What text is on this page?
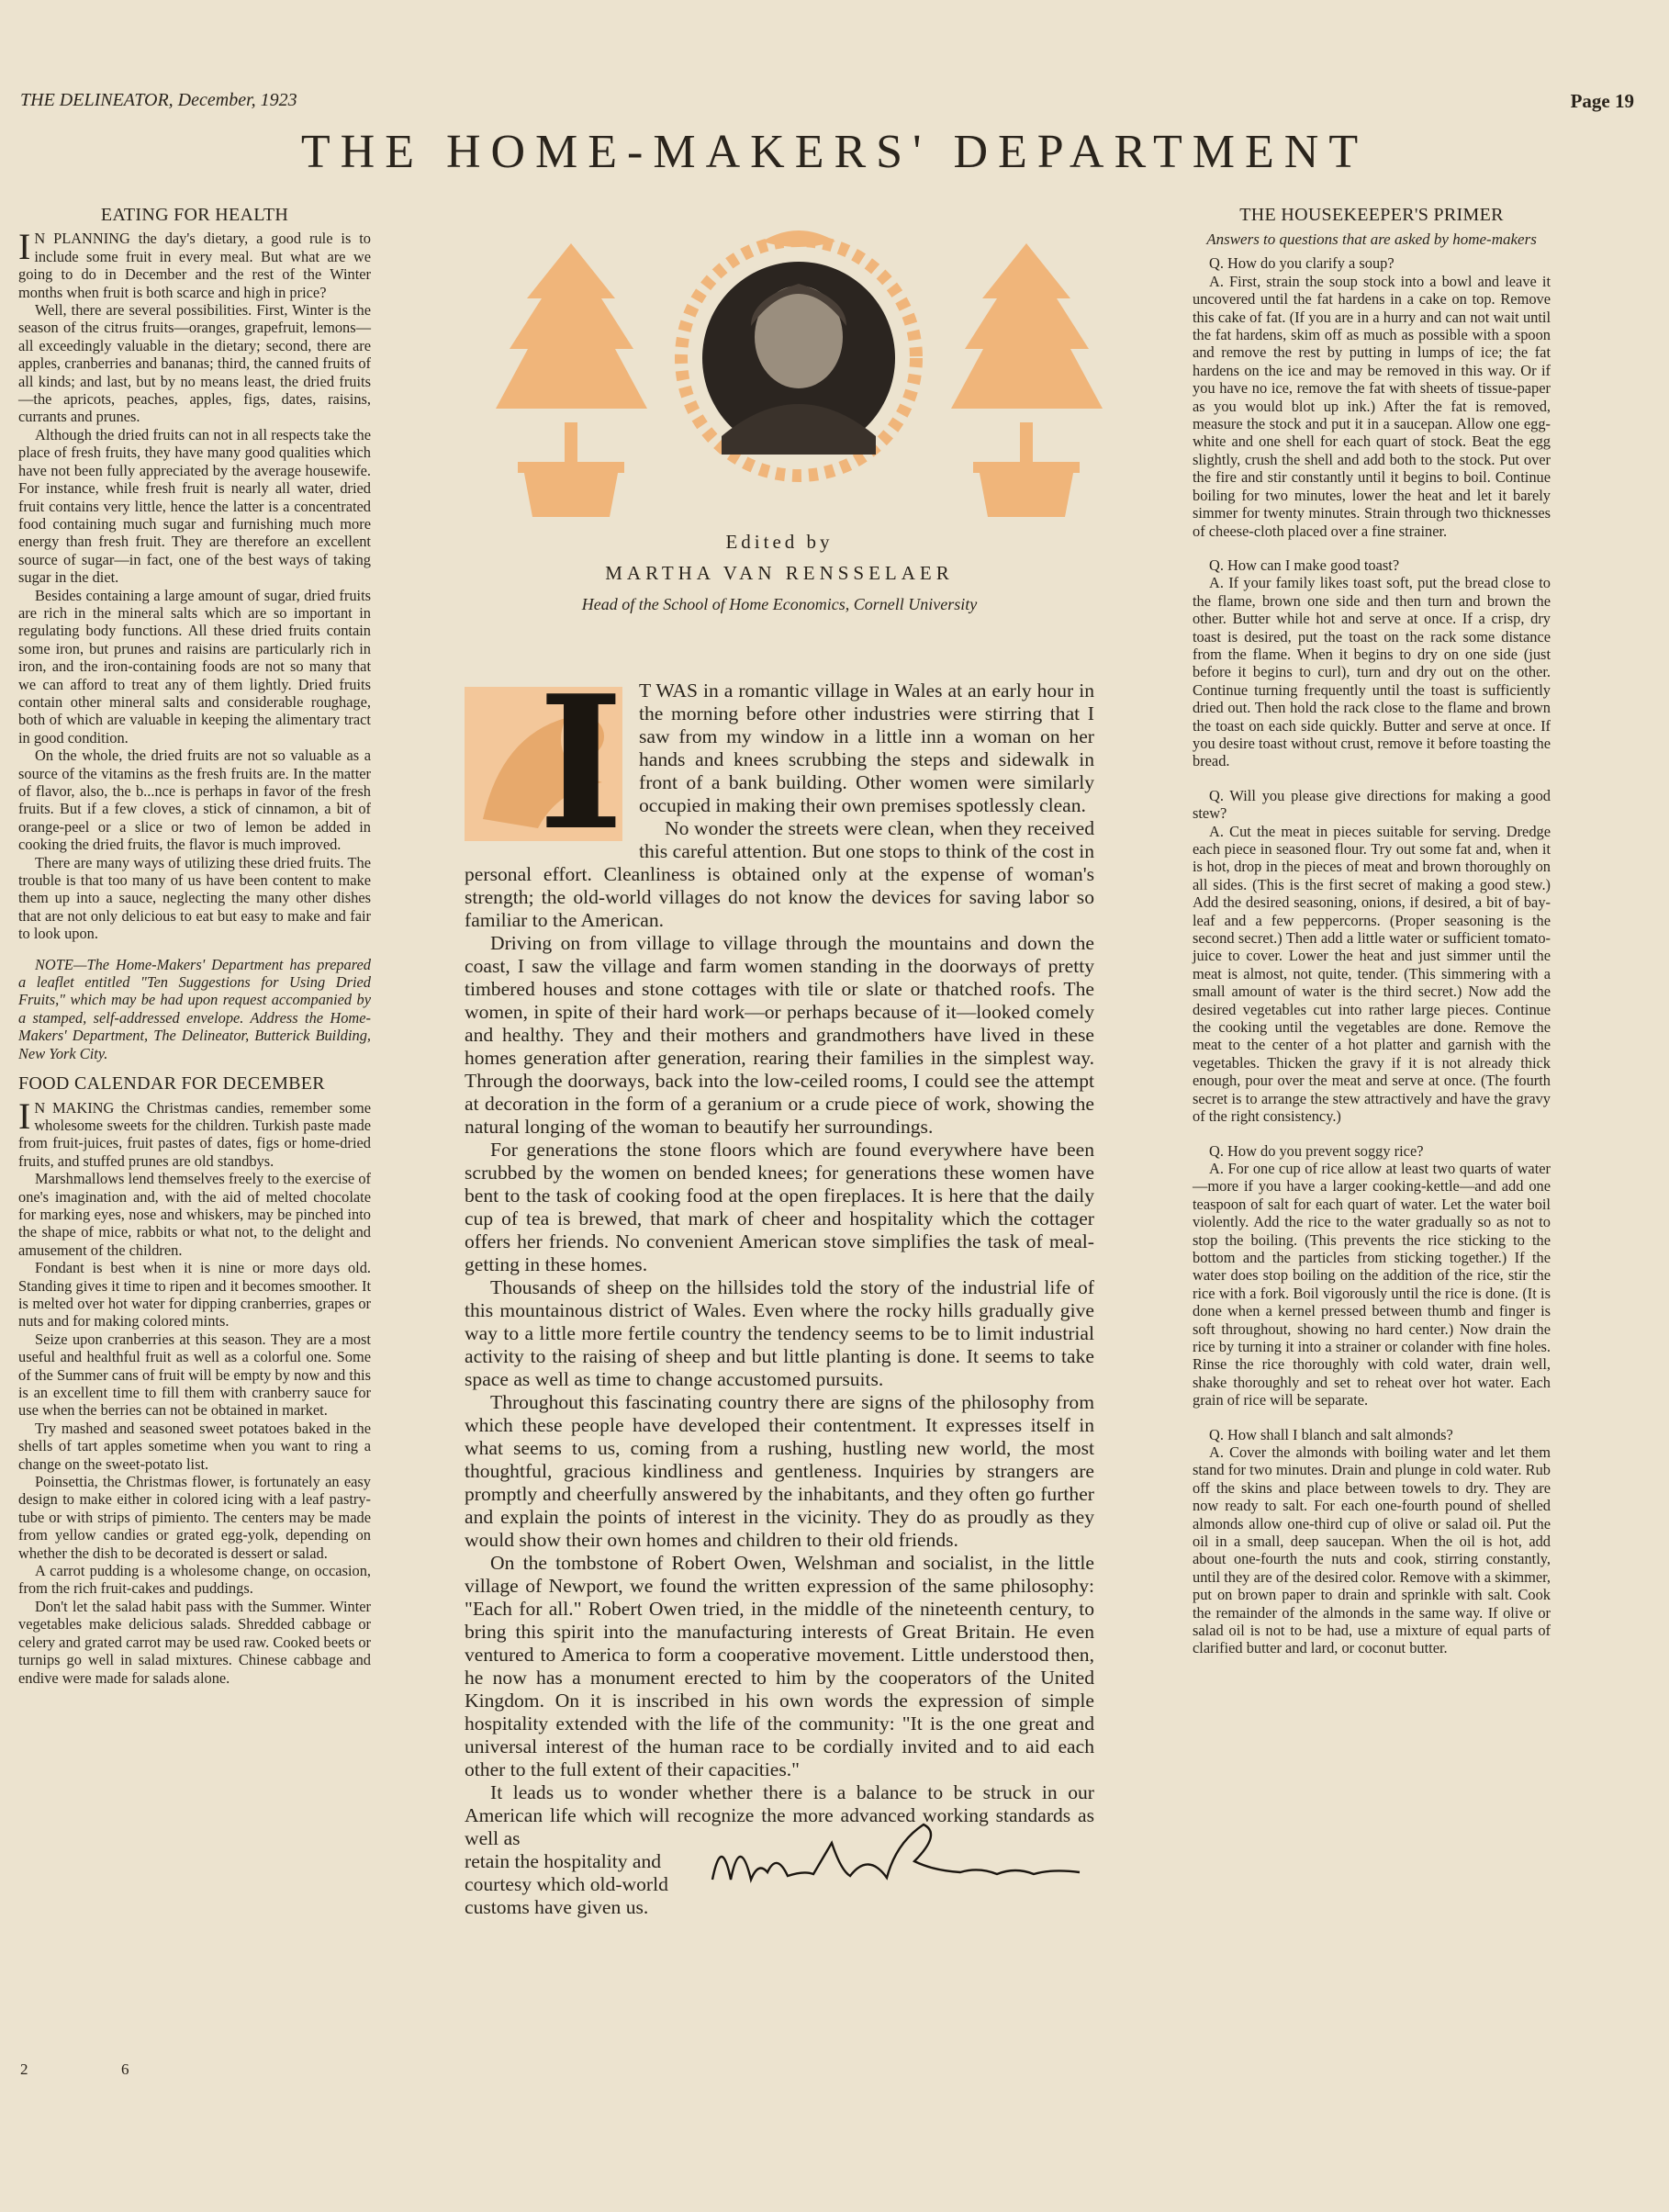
THE DELINEATOR, December, 1923	Page 19
THE HOME-MAKERS' DEPARTMENT
EATING FOR HEALTH

I N PLANNING the day's dietary, a good rule is to include some fruit in every meal. But what are we going to do in December and the rest of the Winter months when fruit is both scarce and high in price?

Well, there are several possibilities. First, Winter is the season of the citrus fruits—oranges, grapefruit, lemons—all exceedingly valuable in the dietary; second, there are apples, cranberries and bananas; third, the canned fruits of all kinds; and last, but by no means least, the dried fruits—the apricots, peaches, apples, figs, dates, raisins, currants and prunes.

Although the dried fruits can not in all respects take the place of fresh fruits, they have many good qualities which have not been fully appreciated by the average housewife. For instance, while fresh fruit is nearly all water, dried fruit contains very little, hence the latter is a concentrated food containing much sugar and furnishing much more energy than fresh fruit. They are therefore an excellent source of sugar—in fact, one of the best ways of taking sugar in the diet.

Besides containing a large amount of sugar, dried fruits are rich in the mineral salts which are so important in regulating body functions. All these dried fruits contain some iron, but prunes and raisins are particularly rich in iron, and the iron-containing foods are not so many that we can afford to treat any of them lightly. Dried fruits contain other mineral salts and considerable roughage, both of which are valuable in keeping the alimentary tract in good condition.

On the whole, the dried fruits are not so valuable as a source of the vitamins as the fresh fruits are. In the matter of flavor, also, the b...nce is perhaps in favor of the fresh fruits. But if a few cloves, a stick of cinnamon, a bit of orange-peel or a slice or two of lemon be added in cooking the dried fruits, the flavor is much improved.

There are many ways of utilizing these dried fruits. The trouble is that too many of us have been content to make them up into a sauce, neglecting the many other dishes that are not only delicious to eat but easy to make and fair to look upon.

NOTE—The Home-Makers' Department has prepared a leaflet entitled "Ten Suggestions for Using Dried Fruits," which may be had upon request accompanied by a stamped, self-addressed envelope. Address the Home-Makers' Department, The Delineator, Butterick Building, New York City.

FOOD CALENDAR FOR DECEMBER

I N MAKING the Christmas candies, remember some wholesome sweets for the children. Turkish paste made from fruit-juices, fruit pastes of dates, figs or home-dried fruits, and stuffed prunes are old standbys.

Marshmallows lend themselves freely to the exercise of one's imagination and, with the aid of melted chocolate for marking eyes, nose and whiskers, may be pinched into the shape of mice, rabbits or what not, to the delight and amusement of the children.

Fondant is best when it is nine or more days old. Standing gives it time to ripen and it becomes smoother. It is melted over hot water for dipping cranberries, grapes or nuts and for making colored mints.

Seize upon cranberries at this season. They are a most useful and healthful fruit as well as a colorful one. Some of the Summer cans of fruit will be empty by now and this is an excellent time to fill them with cranberry sauce for use when the berries can not be obtained in market.

Try mashed and seasoned sweet potatoes baked in the shells of tart apples sometime when you want to ring a change on the sweet-potato list.

Poinsettia, the Christmas flower, is fortunately an easy design to make either in colored icing with a leaf pastry-tube or with strips of pimiento. The centers may be made from yellow candies or grated egg-yolk, depending on whether the dish to be decorated is dessert or salad.

A carrot pudding is a wholesome change, on occasion, from the rich fruit-cakes and puddings.

Don't let the salad habit pass with the Summer. Winter vegetables make delicious salads. Shredded cabbage or celery and grated carrot may be used raw. Cooked beets or turnips go well in salad mixtures. Chinese cabbage and endive were made for salads alone.

Edited by
MARTHA VAN RENSSELAER
Head of the School of Home Economics, Cornell University
I T WAS in a romantic village in Wales at an early hour in the morning before other industries were stirring that I saw from my window in a little inn a woman on her hands and knees scrubbing the steps and sidewalk in front of a bank building. Other women were similarly occupied in making their own premises spotlessly clean.

No wonder the streets were clean, when they received this careful attention. But one stops to think of the cost in personal effort. Cleanliness is obtained only at the expense of woman's strength; the old-world villages do not know the devices for saving labor so familiar to the American.

Driving on from village to village through the mountains and down the coast, I saw the village and farm women standing in the doorways of pretty timbered houses and stone cottages with tile or slate or thatched roofs. The women, in spite of their hard work—or perhaps because of it—looked comely and healthy. They and their mothers and grandmothers have lived in these homes generation after generation, rearing their families in the simplest way. Through the doorways, back into the low-ceiled rooms, I could see the attempt at decoration in the form of a geranium or a crude piece of work, showing the natural longing of the woman to beautify her surroundings.

For generations the stone floors which are found everywhere have been scrubbed by the women on bended knees; for generations these women have bent to the task of cooking food at the open fireplaces. It is here that the daily cup of tea is brewed, that mark of cheer and hospitality which the cottager offers her friends. No convenient American stove simplifies the task of meal-getting in these homes.

Thousands of sheep on the hillsides told the story of the industrial life of this mountainous district of Wales. Even where the rocky hills gradually give way to a little more fertile country the tendency seems to be to limit industrial activity to the raising of sheep and but little planting is done. It seems to take space as well as time to change accustomed pursuits.

Throughout this fascinating country there are signs of the philosophy from which these people have developed their contentment. It expresses itself in what seems to us, coming from a rushing, hustling new world, the most thoughtful, gracious kindliness and gentleness. Inquiries by strangers are promptly and cheerfully answered by the inhabitants, and they often go further and explain the points of interest in the vicinity. They do as proudly as they would show their own homes and children to their old friends.

On the tombstone of Robert Owen, Welshman and socialist, in the little village of Newport, we found the written expression of the same philosophy: "Each for all." Robert Owen tried, in the middle of the nineteenth century, to bring this spirit into the manufacturing interests of Great Britain. He even ventured to America to form a cooperative movement. Little understood then, he now has a monument erected to him by the cooperators of the United Kingdom. On it is inscribed in his own words the expression of simple hospitality extended with the life of the community: "It is the one great and universal interest of the human race to be cordially invited and to aid each other to the full extent of their capacities."

It leads us to wonder whether there is a balance to be struck in our American life which will recognize the more advanced working standards as well as

retain the hospitality and
courtesy which old-world
customs have given us.
THE HOUSEKEEPER'S PRIMER
Answers to questions that are asked by home-makers

Q. How do you clarify a soup?

A. First, strain the soup stock into a bowl and leave it uncovered until the fat hardens in a cake on top. Remove this cake of fat. (If you are in a hurry and can not wait until the fat hardens, skim off as much as possible with a spoon and remove the rest by putting in lumps of ice; the fat hardens on the ice and may be removed in this way. Or if you have no ice, remove the fat with sheets of tissue-paper as you would blot up ink.) After the fat is removed, measure the stock and put it in a saucepan. Allow one egg-white and one shell for each quart of stock. Beat the egg slightly, crush the shell and add both to the stock. Put over the fire and stir constantly until it begins to boil. Continue boiling for two minutes, lower the heat and let it barely simmer for twenty minutes. Strain through two thicknesses of cheese-cloth placed over a fine strainer.

Q. How can I make good toast?

A. If your family likes toast soft, put the bread close to the flame, brown one side and then turn and brown the other. Butter while hot and serve at once. If a crisp, dry toast is desired, put the toast on the rack some distance from the flame. When it begins to dry on one side (just before it begins to curl), turn and dry out on the other. Continue turning frequently until the toast is sufficiently dried out. Then hold the rack close to the flame and brown the toast on each side quickly. Butter and serve at once. If you desire toast without crust, remove it before toasting the bread.

Q. Will you please give directions for making a good stew?

A. Cut the meat in pieces suitable for serving. Dredge each piece in seasoned flour. Try out some fat and, when it is hot, drop in the pieces of meat and brown thoroughly on all sides. (This is the first secret of making a good stew.) Add the desired seasoning, onions, if desired, a bit of bay-leaf and a few peppercorns. (Proper seasoning is the second secret.) Then add a little water or sufficient tomato-juice to cover. Lower the heat and just simmer until the meat is almost, not quite, tender. (This simmering with a small amount of water is the third secret.) Now add the desired vegetables cut into rather large pieces. Continue the cooking until the vegetables are done. Remove the meat to the center of a hot platter and garnish with the vegetables. Thicken the gravy if it is not already thick enough, pour over the meat and serve at once. (The fourth secret is to arrange the stew attractively and have the gravy of the right consistency.)

Q. How do you prevent soggy rice?

A. For one cup of rice allow at least two quarts of water—more if you have a larger cooking-kettle—and add one teaspoon of salt for each quart of water. Let the water boil violently. Add the rice to the water gradually so as not to stop the boiling. (This prevents the rice sticking to the bottom and the particles from sticking together.) If the water does stop boiling on the addition of the rice, stir the rice with a fork. Boil vigorously until the rice is done. (It is done when a kernel pressed between thumb and finger is soft throughout, showing no hard center.) Now drain the rice by turning it into a strainer or colander with fine holes. Rinse the rice thoroughly with cold water, drain well, shake thoroughly and set to reheat over hot water. Each grain of rice will be separate.

Q. How shall I blanch and salt almonds?

A. Cover the almonds with boiling water and let them stand for two minutes. Drain and plunge in cold water. Rub off the skins and place between towels to dry. They are now ready to salt. For each one-fourth pound of shelled almonds allow one-third cup of olive or salad oil. Put the oil in a small, deep saucepan. When the oil is hot, add about one-fourth the nuts and cook, stirring constantly, until they are of the desired color. Remove with a skimmer, put on brown paper to drain and sprinkle with salt. Cook the remainder of the almonds in the same way. If olive or salad oil is not to be had, use a mixture of equal parts of clarified butter and lard, or coconut butter.

2	6
